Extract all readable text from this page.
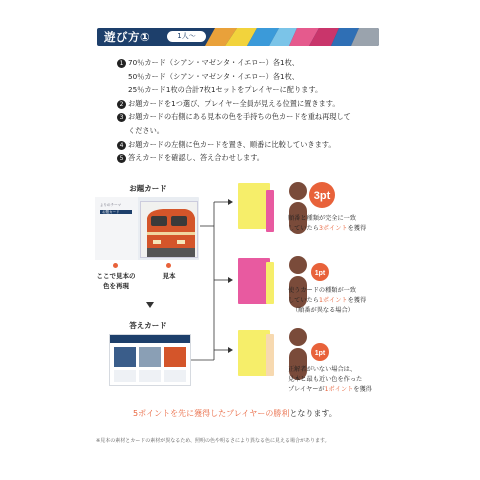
遊び方①	1人〜
1 70％カード（シアン・マゼンタ・イエロー）各1枚、
50％カード（シアン・マゼンタ・イエロー）各1枚、
25％カード1枚の合計7枚1セットをプレイヤーに配ります。
2 お題カードを1つ選び、プレイヤー全員が見える位置に置きます。
3 お題カードの右側にある見本の色を手持ちの色カードを重ね再現して
ください。
4 お題カードの左側に色カードを置き、順番に比較していきます。
5 答えカードを確認し、答え合わせします。
お題カード
よりのテーマ
お題カード
ここで見本の
色を再現
見本
答えカード
3pt
順番と種類が完全に一致
していたら3ポイントを獲得
1pt
使うカードの種類が一致
していたら1ポイントを獲得
（順番が異なる場合）
1pt
正解者がいない場合は、
見本と最も近い色を作った
プレイヤーが1ポイントを獲得
5ポイントを先に獲得したプレイヤーの勝利となります。
※見本の素材とカードの素材が異なるため、照明の色や明るさにより異なる色に見える場合があります。
